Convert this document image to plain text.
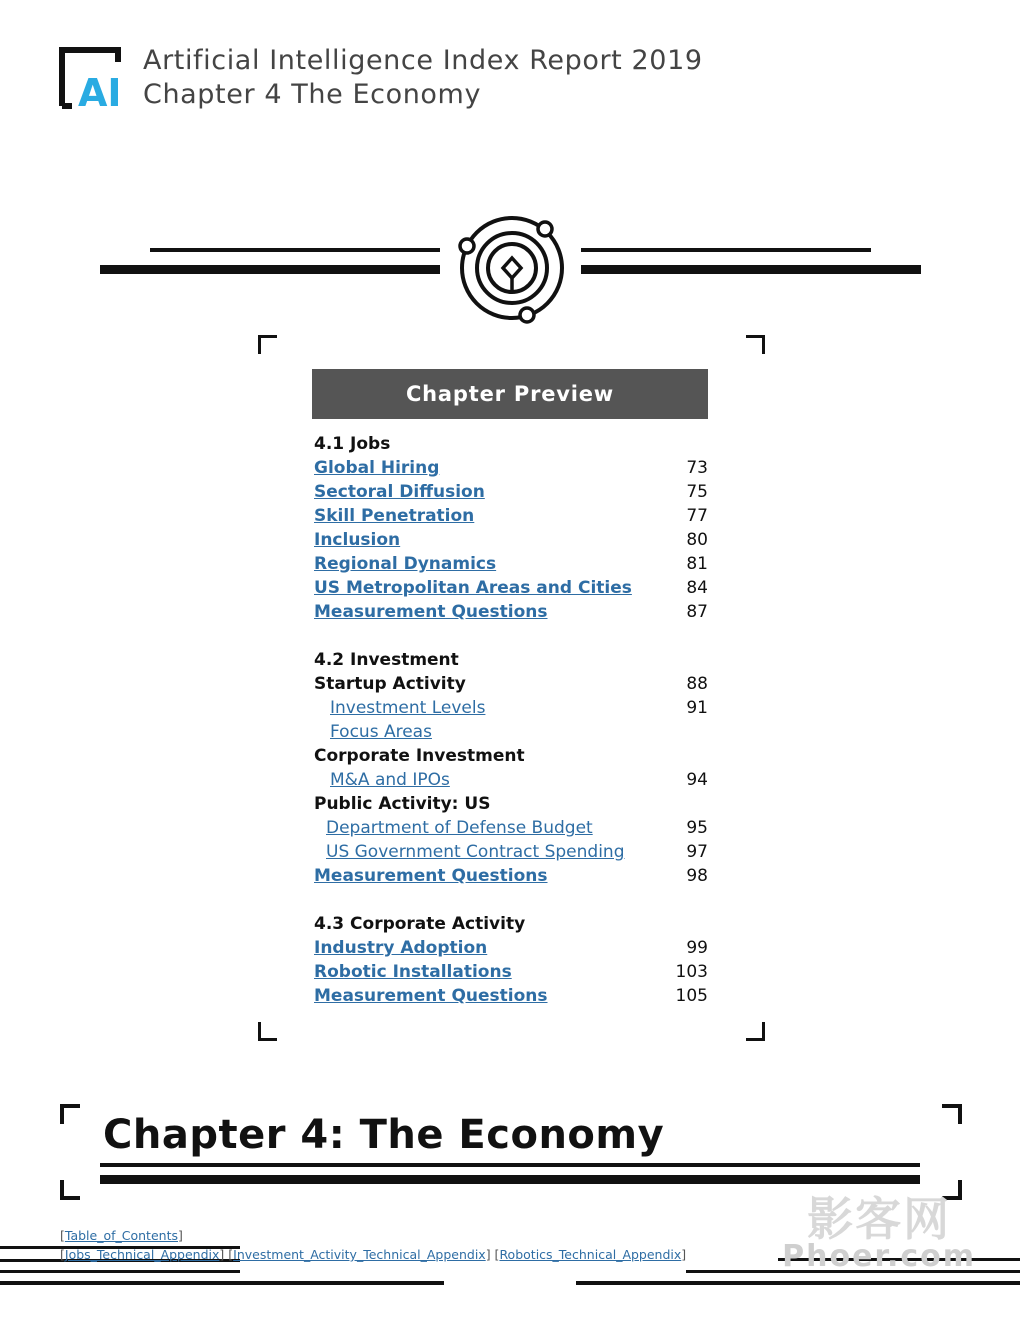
AI
Artificial Intelligence Index Report 2019
Chapter 4 The Economy
Chapter Preview
4.1 Jobs
Global Hiring	73
Sectoral Diffusion	75
Skill Penetration	77
Inclusion	80
Regional Dynamics	81
US Metropolitan Areas and Cities	84
Measurement Questions	87
4.2 Investment
Startup Activity	88
Investment Levels	91
Focus Areas
Corporate Investment
M&A and IPOs	94
Public Activity: US
Department of Defense Budget	95
US Government Contract Spending	97
Measurement Questions	98
4.3 Corporate Activity
Industry Adoption	99
Robotic Installations	103
Measurement Questions	105
Chapter 4: The Economy
[Table_of_Contents]
[Jobs_Technical_Appendix] [Investment_Activity_Technical_Appendix] [Robotics_Technical_Appendix]
影客网
Phoer.com
